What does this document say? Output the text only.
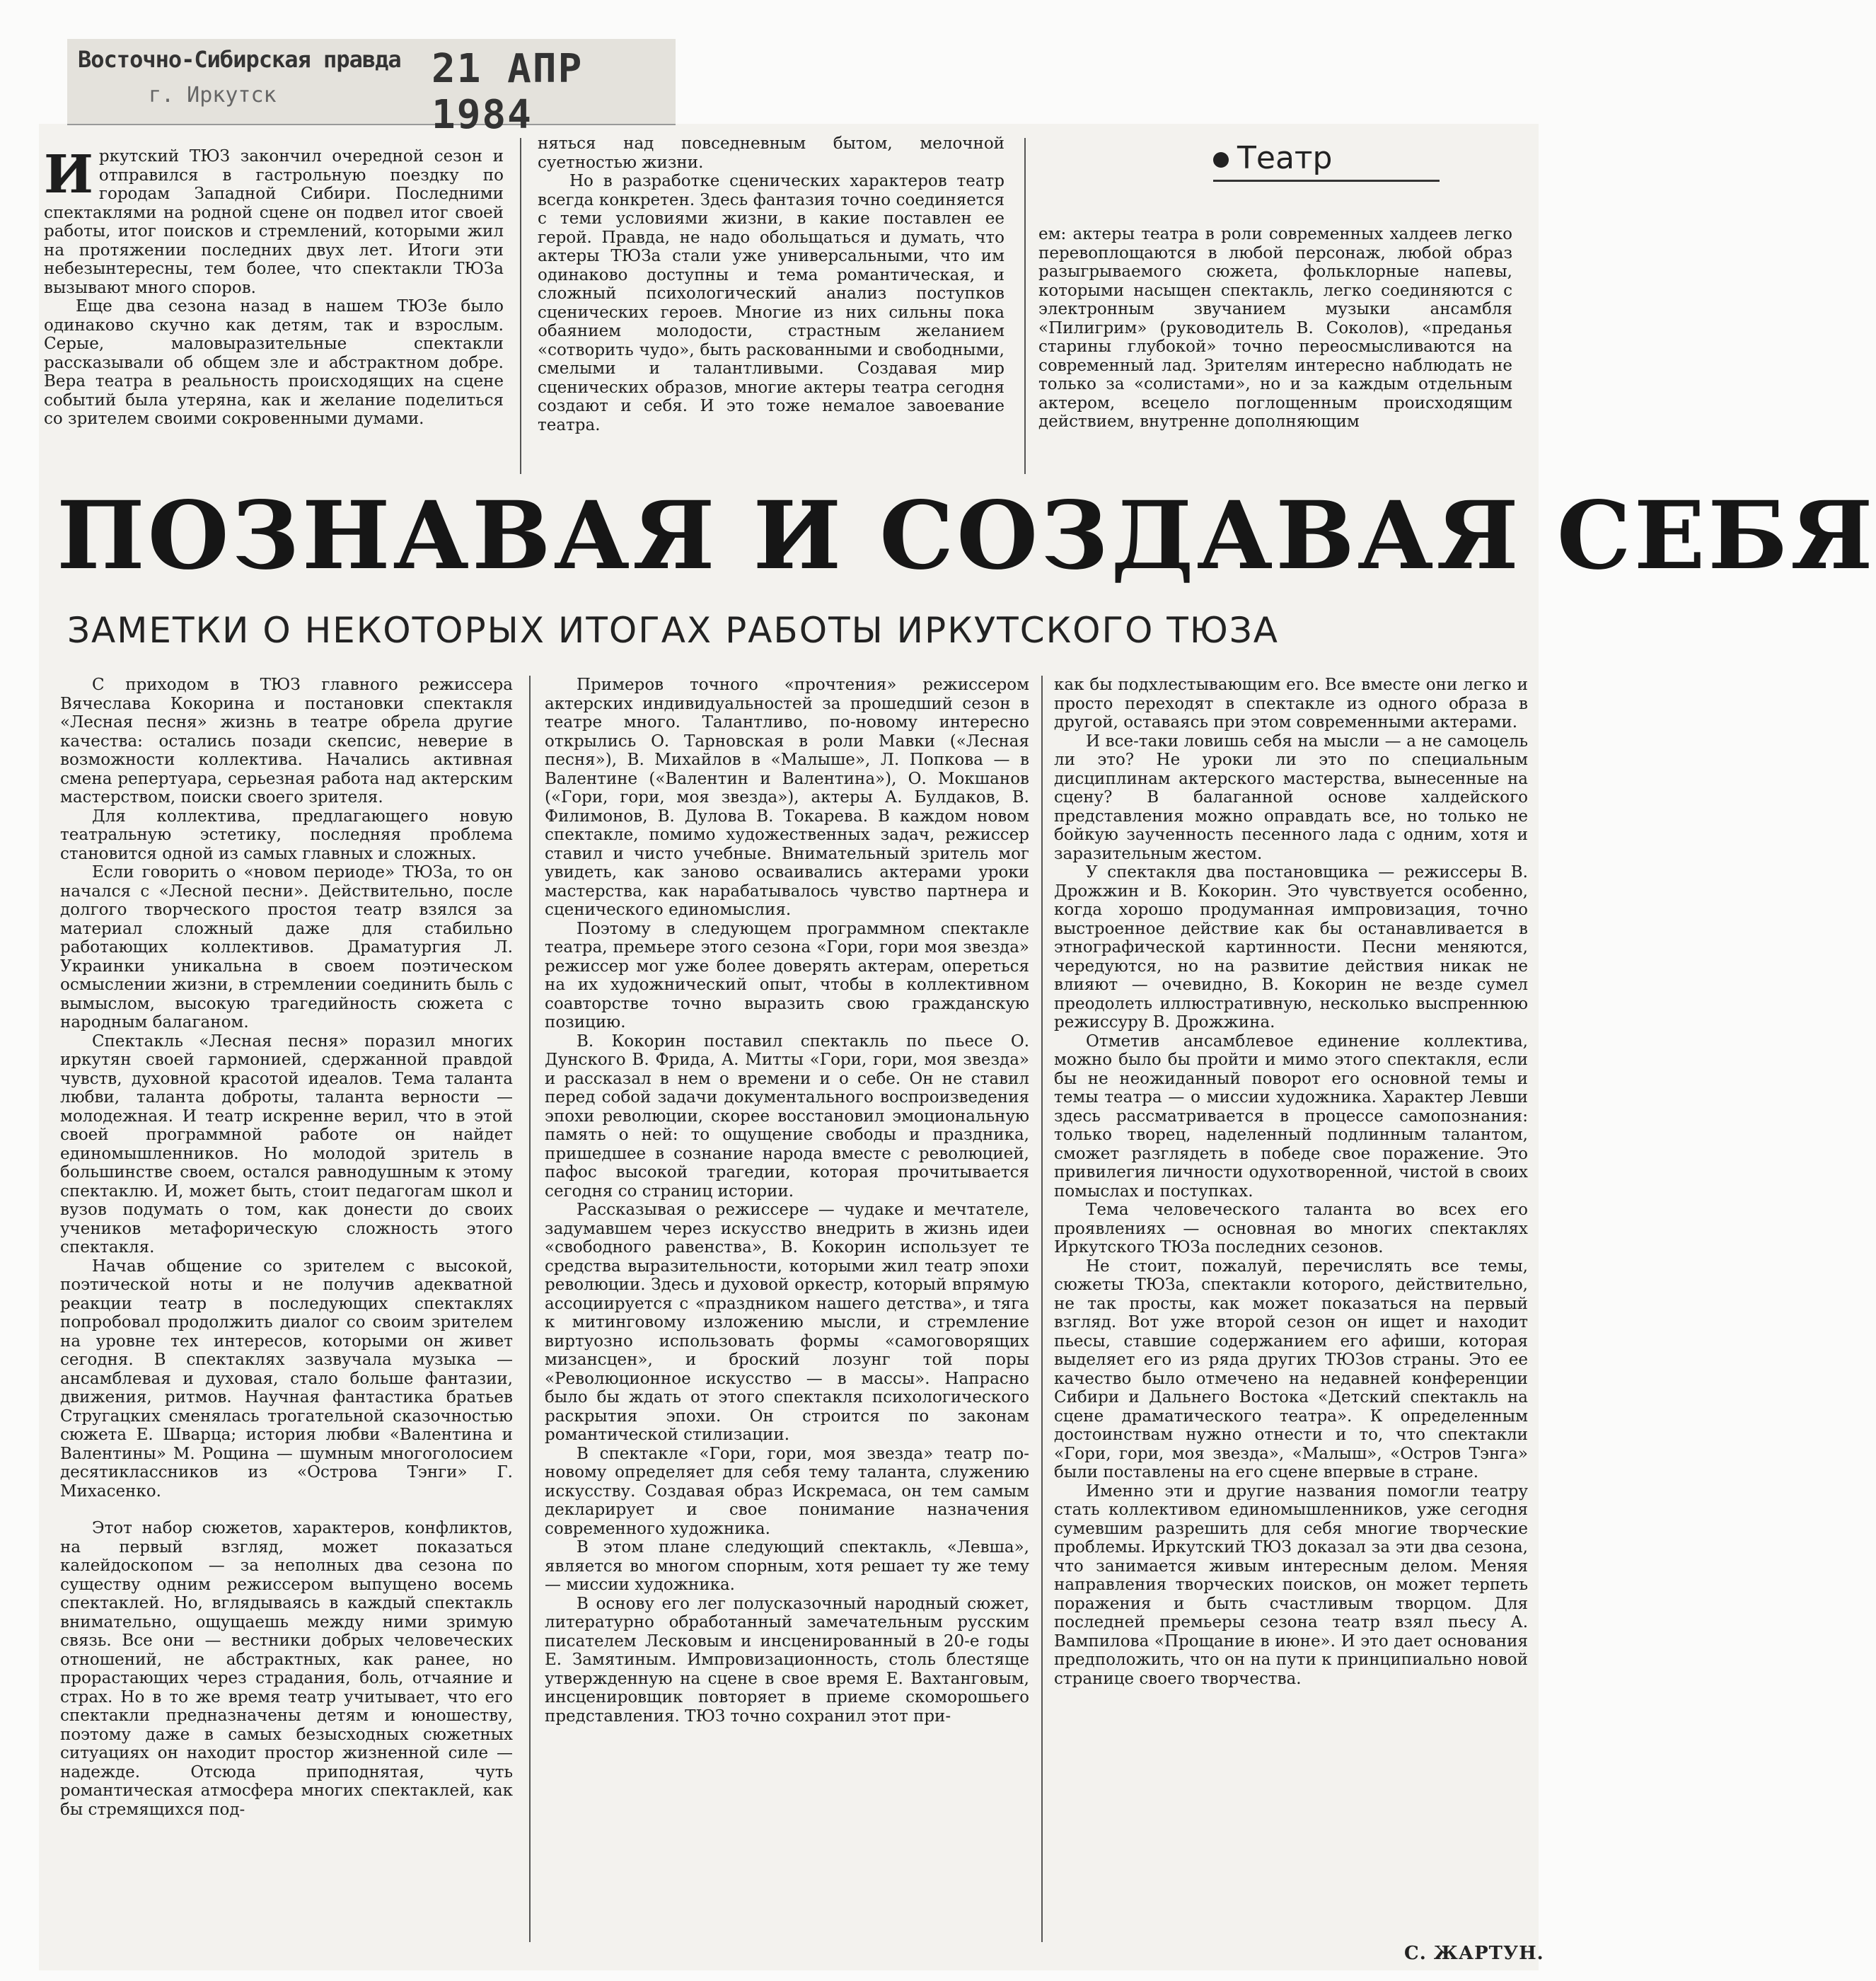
Восточно-Сибирская правда
г. Иркутск
21 АПР 1984

Иркутский ТЮЗ закончил очередной сезон и отправился в гастрольную поездку по городам Западной Сибири. Последними спектаклями на родной сцене он подвел итог своей работы, итог поисков и стремлений, которыми жил на протяжении последних двух лет. Итоги эти небезынтересны, тем более, что спектакли ТЮЗа вызывают много споров.

Еще два сезона назад в нашем ТЮЗе было одинаково скучно как детям, так и взрослым. Серые, маловыразительные спектакли рассказывали об общем зле и абстрактном добре. Вера театра в реальность происходящих на сцене событий была утеряна, как и желание поделиться со зрителем своими сокровенными думами.

няться над повседневным бытом, мелочной суетностью жизни.

Но в разработке сценических характеров театр всегда конкретен. Здесь фантазия точно соединяется с теми условиями жизни, в какие поставлен ее герой. Правда, не надо обольщаться и думать, что актеры ТЮЗа стали уже универсальными, что им одинаково доступны и тема романтическая, и сложный психологический анализ поступков сценических героев. Многие из них сильны пока обаянием молодости, страстным желанием «сотворить чудо», быть раскованными и свободными, смелыми и талантливыми. Создавая мир сценических образов, многие актеры театра сегодня создают и себя. И это тоже немалое завоевание театра.

Театр

ем: актеры театра в роли современных халдеев легко перевоплощаются в любой персонаж, любой образ разыгрываемого сюжета, фольклорные напевы, которыми насыщен спектакль, легко соединяются с электронным звучанием музыки ансамбля «Пилигрим» (руководитель В. Соколов), «преданья старины глубокой» точно переосмысливаются на современный лад. Зрителям интересно наблюдать не только за «солистами», но и за каждым отдельным актером, всецело поглощенным происходящим действием, внутренне дополняющим

ПОЗНАВАЯ И СОЗДАВАЯ СЕБЯ
ЗАМЕТКИ О НЕКОТОРЫХ ИТОГАХ РАБОТЫ ИРКУТСКОГО ТЮЗА

С приходом в ТЮЗ главного режиссера Вячеслава Кокорина и постановки спектакля «Лесная песня» жизнь в театре обрела другие качества: остались позади скепсис, неверие в возможности коллектива. Начались активная смена репертуара, серьезная работа над актерским мастерством, поиски своего зрителя.

Для коллектива, предлагающего новую театральную эстетику, последняя проблема становится одной из самых главных и сложных.

Если говорить о «новом периоде» ТЮЗа, то он начался с «Лесной песни». Действительно, после долгого творческого простоя театр взялся за материал сложный даже для стабильно работающих коллективов. Драматургия Л. Украинки уникальна в своем поэтическом осмыслении жизни, в стремлении соединить быль с вымыслом, высокую трагедийность сюжета с народным балаганом.

Спектакль «Лесная песня» поразил многих иркутян своей гармонией, сдержанной правдой чувств, духовной красотой идеалов. Тема таланта любви, таланта доброты, таланта верности — молодежная. И театр искренне верил, что в этой своей программной работе он найдет единомышленников. Но молодой зритель в большинстве своем, остался равнодушным к этому спектаклю. И, может быть, стоит педагогам школ и вузов подумать о том, как донести до своих учеников метафорическую сложность этого спектакля.

Начав общение со зрителем с высокой, поэтической ноты и не получив адекватной реакции театр в последующих спектаклях попробовал продолжить диалог со своим зрителем на уровне тех интересов, которыми он живет сегодня. В спектаклях зазвучала музыка — ансамблевая и духовая, стало больше фантазии, движения, ритмов. Научная фантастика братьев Стругацких сменялась трогательной сказочностью сюжета Е. Шварца; история любви «Валентина и Валентины» М. Рощина — шумным многоголосием десятиклассников из «Острова Тэнги» Г. Михасенко.

Этот набор сюжетов, характеров, конфликтов, на первый взгляд, может показаться калейдоскопом — за неполных два сезона по существу одним режиссером выпущено восемь спектаклей. Но, вглядываясь в каждый спектакль внимательно, ощущаешь между ними зримую связь. Все они — вестники добрых человеческих отношений, не абстрактных, как ранее, но прорастающих через страдания, боль, отчаяние и страх. Но в то же время театр учитывает, что его спектакли предназначены детям и юношеству, поэтому даже в самых безысходных сюжетных ситуациях он находит простор жизненной силе — надежде. Отсюда приподнятая, чуть романтическая атмосфера многих спектаклей, как бы стремящихся под-

Примеров точного «прочтения» режиссером актерских индивидуальностей за прошедший сезон в театре много. Талантливо, по-новому интересно открылись О. Тарновская в роли Мавки («Лесная песня»), В. Михайлов в «Малыше», Л. Попкова — в Валентине («Валентин и Валентина»), О. Мокшанов («Гори, гори, моя звезда»), актеры А. Булдаков, В. Филимонов, В. Дулова В. Токарева. В каждом новом спектакле, помимо художественных задач, режиссер ставил и чисто учебные. Внимательный зритель мог увидеть, как заново осваивались актерами уроки мастерства, как нарабатывалось чувство партнера и сценического единомыслия.

Поэтому в следующем программном спектакле театра, премьере этого сезона «Гори, гори моя звезда» режиссер мог уже более доверять актерам, опереться на их художнический опыт, чтобы в коллективном соавторстве точно выразить свою гражданскую позицию.

В. Кокорин поставил спектакль по пьесе О. Дунского В. Фрида, А. Митты «Гори, гори, моя звезда» и рассказал в нем о времени и о себе. Он не ставил перед собой задачи документального воспроизведения эпохи революции, скорее восстановил эмоциональную память о ней: то ощущение свободы и праздника, пришедшее в сознание народа вместе с революцией, пафос высокой трагедии, которая прочитывается сегодня со страниц истории.

Рассказывая о режиссере — чудаке и мечтателе, задумавшем через искусство внедрить в жизнь идеи «свободного равенства», В. Кокорин использует те средства выразительности, которыми жил театр эпохи революции. Здесь и духовой оркестр, который впрямую ассоциируется с «праздником нашего детства», и тяга к митинговому изложению мысли, и стремление виртуозно использовать формы «самоговорящих мизансцен», и броский лозунг той поры «Революционное искусство — в массы». Напрасно было бы ждать от этого спектакля психологического раскрытия эпохи. Он строится по законам романтической стилизации.

В спектакле «Гори, гори, моя звезда» театр по-новому определяет для себя тему таланта, служению искусству. Создавая образ Искремаса, он тем самым декларирует и свое понимание назначения современного художника.

В этом плане следующий спектакль, «Левша», является во многом спорным, хотя решает ту же тему — миссии художника.

В основу его лег полусказочный народный сюжет, литературно обработанный замечательным русским писателем Лесковым и инсценированный в 20-е годы Е. Замятиным. Импровизационность, столь блестяще утвержденную на сцене в свое время Е. Вахтанговым, инсценировщик повторяет в приеме скоморошьего представления. ТЮЗ точно сохранил этот при-

как бы подхлестывающим его. Все вместе они легко и просто переходят в спектакле из одного образа в другой, оставаясь при этом современными актерами.

И все-таки ловишь себя на мысли — а не самоцель ли это? Не уроки ли это по специальным дисциплинам актерского мастерства, вынесенные на сцену? В балаганной основе халдейского представления можно оправдать все, но только не бойкую заученность песенного лада с одним, хотя и заразительным жестом.

У спектакля два постановщика — режиссеры В. Дрожжин и В. Кокорин. Это чувствуется особенно, когда хорошо продуманная импровизация, точно выстроенное действие как бы останавливается в этнографической картинности. Песни меняются, чередуются, но на развитие действия никак не влияют — очевидно, В. Кокорин не везде сумел преодолеть иллюстративную, несколько выспреннюю режиссуру В. Дрожжина.

Отметив ансамблевое единение коллектива, можно было бы пройти и мимо этого спектакля, если бы не неожиданный поворот его основной темы и темы театра — о миссии художника. Характер Левши здесь рассматривается в процессе самопознания: только творец, наделенный подлинным талантом, сможет разглядеть в победе свое поражение. Это привилегия личности одухотворенной, чистой в своих помыслах и поступках.

Тема человеческого таланта во всех его проявлениях — основная во многих спектаклях Иркутского ТЮЗа последних сезонов.

Не стоит, пожалуй, перечислять все темы, сюжеты ТЮЗа, спектакли которого, действительно, не так просты, как может показаться на первый взгляд. Вот уже второй сезон он ищет и находит пьесы, ставшие содержанием его афиши, которая выделяет его из ряда других ТЮЗов страны. Это ее качество было отмечено на недавней конференции Сибири и Дальнего Востока «Детский спектакль на сцене драматического театра». К определенным достоинствам нужно отнести и то, что спектакли «Гори, гори, моя звезда», «Малыш», «Остров Тэнга» были поставлены на его сцене впервые в стране.

Именно эти и другие названия помогли театру стать коллективом единомышленников, уже сегодня сумевшим разрешить для себя многие творческие проблемы. Иркутский ТЮЗ доказал за эти два сезона, что занимается живым интересным делом. Меняя направления творческих поисков, он может терпеть поражения и быть счастливым творцом. Для последней премьеры сезона театр взял пьесу А. Вампилова «Прощание в июне». И это дает основания предположить, что он на пути к принципиально новой странице своего творчества.

С. ЖАРТУН.
